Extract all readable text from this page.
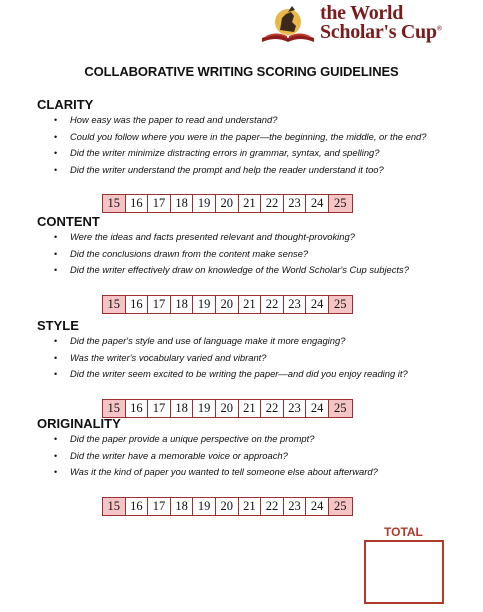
the World
Scholar's Cup®
COLLABORATIVE WRITING SCORING GUIDELINES
CLARITY
• How easy was the paper to read and understand?
• Could you follow where you were in the paper—the beginning, the middle, or the end?
• Did the writer minimize distracting errors in grammar, syntax, and spelling?
• Did the writer understand the prompt and help the reader understand it too?
15 16 17 18 19 20 21 22 23 24 25
CONTENT
• Were the ideas and facts presented relevant and thought-provoking?
• Did the conclusions drawn from the content make sense?
• Did the writer effectively draw on knowledge of the World Scholar's Cup subjects?
15 16 17 18 19 20 21 22 23 24 25
STYLE
• Did the paper's style and use of language make it more engaging?
• Was the writer's vocabulary varied and vibrant?
• Did the writer seem excited to be writing the paper—and did you enjoy reading it?
15 16 17 18 19 20 21 22 23 24 25
ORIGINALITY
• Did the paper provide a unique perspective on the prompt?
• Did the writer have a memorable voice or approach?
• Was it the kind of paper you wanted to tell someone else about afterward?
15 16 17 18 19 20 21 22 23 24 25
TOTAL
